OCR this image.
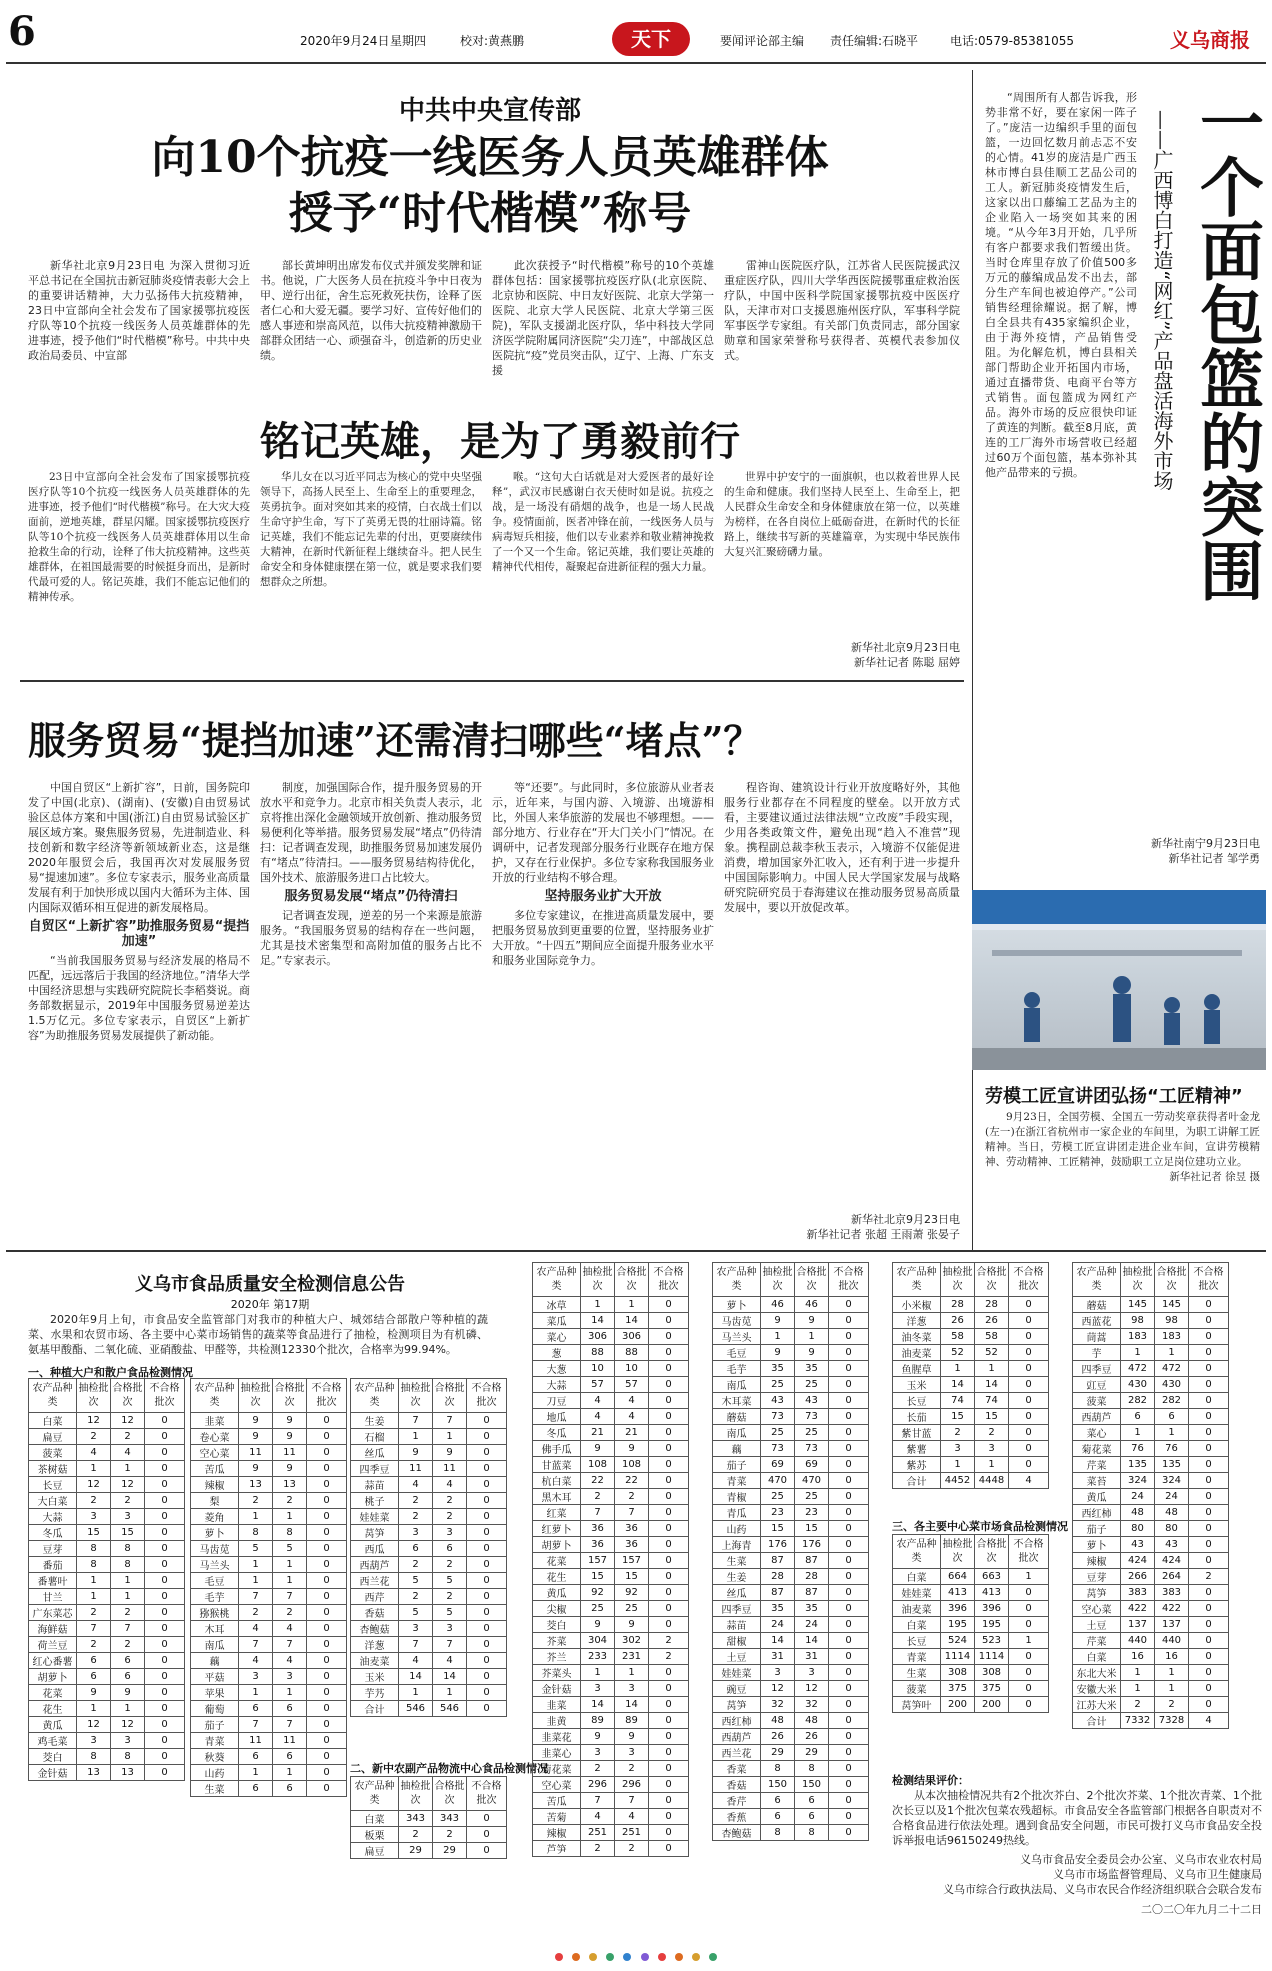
6	2020年9月24日 星期四	校对:黄燕鹏	天下	要闻评论部主编 责任编辑:石晓平	电话:0579-85381055	义乌商报
中共中央宣传部
向10个抗疫一线医务人员英雄群体
授予“时代楷模”称号

新华社北京9月23日电 为深入贯彻习近平总书记在全国抗击新冠肺炎疫情表彰大会上的重要讲话精神，大力弘扬伟大抗疫精神，23日中宣部向全社会发布了国家援鄂抗疫医疗队等10个抗疫一线医务人员英雄群体的先进事迹，授予他们“时代楷模”称号。中共中央政治局委员、中宣部

部长黄坤明出席发布仪式并颁发奖牌和证书。他说，广大医务人员在抗疫斗争中日夜为甲、逆行出征，舍生忘死救死扶伤，诠释了医者仁心和大爱无疆。要学习好、宣传好他们的感人事迹和崇高风范，以伟大抗疫精神激励干部群众团结一心、顽强奋斗，创造新的历史业绩。

此次获授予“时代楷模”称号的10个英雄群体包括：国家援鄂抗疫医疗队(北京医院、北京协和医院、中日友好医院、北京大学第一医院、北京大学人民医院、北京大学第三医院)，军队支援湖北医疗队，华中科技大学同济医学院附属同济医院“尖刀连”，中部战区总医院抗“疫”党员突击队，辽宁、上海、广东支援

雷神山医院医疗队，江苏省人民医院援武汉重症医疗队，四川大学华西医院援鄂重症救治医疗队，中国中医科学院国家援鄂抗疫中医医疗队，天津市对口支援恩施州医疗队，军事科学院军事医学专家组。有关部门负责同志，部分国家勋章和国家荣誉称号获得者、英模代表参加仪式。

铭记英雄，是为了勇毅前行

23日中宣部向全社会发布了国家援鄂抗疫医疗队等10个抗疫一线医务人员英雄群体的先进事迹，授予他们“时代楷模”称号。在大灾大疫面前，逆地英雄，群星闪耀。国家援鄂抗疫医疗队等10个抗疫一线医务人员英雄群体用以生命抢救生命的行动，诠释了伟大抗疫精神。这些英雄群体，在祖国最需要的时候挺身而出，是新时代最可爱的人。铭记英雄，我们不能忘记他们的精神传承。

华儿女在以习近平同志为核心的党中央坚强领导下，高扬人民至上、生命至上的重要理念，英勇抗争。面对突如其来的疫情，白衣战士们以生命守护生命，写下了英勇无畏的壮丽诗篇。铭记英雄，我们不能忘记先辈的付出，更要赓续伟大精神，在新时代新征程上继续奋斗。把人民生命安全和身体健康摆在第一位，就是要求我们要想群众之所想。

喉。“这句大白话就是对大爱医者的最好诠释”，武汉市民感谢白衣天使时如是说。抗疫之战，是一场没有硝烟的战争，也是一场人民战争。疫情面前，医者冲锋在前，一线医务人员与病毒短兵相接，他们以专业素养和敬业精神挽救了一个又一个生命。铭记英雄，我们要让英雄的精神代代相传，凝聚起奋进新征程的强大力量。

世界中护安宁的一面旗帜，也以救着世界人民的生命和健康。我们坚持人民至上、生命至上，把人民群众生命安全和身体健康放在第一位，以英雄为榜样，在各自岗位上砥砺奋进，在新时代的长征路上，继续书写新的英雄篇章，为实现中华民族伟大复兴汇聚磅礴力量。

新华社北京9月23日电
新华社记者 陈聪 屈婷
服务贸易“提挡加速”还需清扫哪些“堵点”？

中国自贸区“上新扩容”，日前，国务院印发了中国(北京)、(湖南)、(安徽)自由贸易试验区总体方案和中国(浙江)自由贸易试验区扩展区域方案。聚焦服务贸易，先进制造业、科技创新和数字经济等新领域新业态，这是继2020年服贸会后，我国再次对发展服务贸易“提速加速”。多位专家表示，服务业高质量发展有利于加快形成以国内大循环为主体、国内国际双循环相互促进的新发展格局。

自贸区“上新扩容”助推服务贸易“提挡加速”

“当前我国服务贸易与经济发展的格局不匹配，远远落后于我国的经济地位。”清华大学中国经济思想与实践研究院院长李稻葵说。商务部数据显示，2019年中国服务贸易逆差达1.5万亿元。多位专家表示，自贸区“上新扩容”为助推服务贸易发展提供了新动能。

制度，加强国际合作，提升服务贸易的开放水平和竞争力。北京市相关负责人表示，北京将推出深化金融领域开放创新、推动服务贸易便利化等举措。服务贸易发展“堵点”仍待清扫：记者调查发现，助推服务贸易加速发展仍有“堵点”待清扫。——服务贸易结构待优化，国外技术、旅游服务进口占比较大。

服务贸易发展“堵点”仍待清扫

记者调查发现，逆差的另一个来源是旅游服务。“我国服务贸易的结构存在一些问题，尤其是技术密集型和高附加值的服务占比不足。”专家表示。

等“还要”。与此同时，多位旅游从业者表示，近年来，与国内游、入境游、出境游相比，外国人来华旅游的发展也不够理想。——部分地方、行业存在“开大门关小门”情况。在调研中，记者发现部分服务行业既存在地方保护，又存在行业保护。多位专家称我国服务业开放的行业结构不够合理。

坚持服务业扩大开放

多位专家建议，在推进高质量发展中，要把服务贸易放到更重要的位置，坚持服务业扩大开放。“十四五”期间应全面提升服务业水平和服务业国际竞争力。

程咨询、建筑设计行业开放度略好外，其他服务行业都存在不同程度的壁垒。以开放方式看，主要建议通过法律法规“立改废”手段实现，少用各类政策文件，避免出现“趋入不准营”现象。携程副总裁李秋玉表示，入境游不仅能促进消费，增加国家外汇收入，还有利于进一步提升中国国际影响力。中国人民大学国家发展与战略研究院研究员于春海建议在推动服务贸易高质量发展中，要以开放促改革。

新华社北京9月23日电
新华社记者 张超 王雨萧 张晏子
一个面包篮的突围
——广西博白打造“网红”产品盘活海外市场

“周围所有人都告诉我，形势非常不好，要在家闲一阵子了。”庞洁一边编织手里的面包篮，一边回忆数月前忐忑不安的心情。41岁的庞洁是广西玉林市博白县佳顺工艺品公司的工人。新冠肺炎疫情发生后，这家以出口藤编工艺品为主的企业陷入一场突如其来的困境。“从今年3月开始，几乎所有客户都要求我们暂缓出货。当时仓库里存放了价值500多万元的藤编成品发不出去，部分生产车间也被迫停产。”公司销售经理徐耀说。据了解，博白全县共有435家编织企业，由于海外疫情，产品销售受阻。为化解危机，博白县相关部门帮助企业开拓国内市场，通过直播带货、电商平台等方式销售。面包篮成为网红产品。海外市场的反应很快印证了黄连的判断。截至8月底，黄连的工厂海外市场营收已经超过60万个面包篮，基本弥补其他产品带来的亏损。

新华社南宁9月23日电
新华社记者 邹学勇
劳模工匠宣讲团弘扬“工匠精神”

9月23日，全国劳模、全国五一劳动奖章获得者叶金龙(左一)在浙江省杭州市一家企业的车间里，为职工讲解工匠精神。当日，劳模工匠宣讲团走进企业车间，宣讲劳模精神、劳动精神、工匠精神，鼓励职工立足岗位建功立业。

新华社记者 徐昱 摄
义乌市食品质量安全检测信息公告
2020年 第17期

2020年9月上旬，市食品安全监管部门对我市的种植大户、城郊结合部散户等种植的蔬菜、水果和农贸市场、各主要中心菜市场销售的蔬菜等食品进行了抽检，检测项目为有机磷、氨基甲酸酯、二氧化硫、亚硝酸盐、甲醛等，共检测12330个批次，合格率为99.94%。

一、种植大户和散户食品检测情况
农产品种类	抽检批次	合格批次	不合格批次
白菜	12	12	0
扁豆	2	2	0
菠菜	4	4	0
茶树菇	1	1	0
长豆	12	12	0
大白菜	2	2	0
大蒜	3	3	0
冬瓜	15	15	0
豆芽	8	8	0
番茄	8	8	0
番薯叶	1	1	0
甘兰	1	1	0
广东菜芯	2	2	0
海鲜菇	7	7	0
荷兰豆	2	2	0
红心番薯	6	6	0
胡萝卜	6	6	0
花菜	9	9	0
花生	1	1	0
黄瓜	12	12	0
鸡毛菜	3	3	0
茭白	8	8	0
金针菇	13	13	0
农产品种类	抽检批次	合格批次	不合格批次
韭菜	9	9	0
卷心菜	9	9	0
空心菜	11	11	0
苦瓜	9	9	0
辣椒	13	13	0
梨	2	2	0
菱角	1	1	0
萝卜	8	8	0
马齿苋	5	5	0
马兰头	1	1	0
毛豆	1	1	0
毛芋	7	7	0
猕猴桃	2	2	0
木耳	4	4	0
南瓜	7	7	0
藕	4	4	0
平菇	3	3	0
苹果	1	1	0
葡萄	6	6	0
茄子	7	7	0
青菜	11	11	0
秋葵	6	6	0
山药	1	1	0
生菜	6	6	0
农产品种类	抽检批次	合格批次	不合格批次
生姜	7	7	0
石榴	1	1	0
丝瓜	9	9	0
四季豆	11	11	0
蒜苗	4	4	0
桃子	2	2	0
娃娃菜	2	2	0
莴笋	3	3	0
西瓜	6	6	0
西葫芦	2	2	0
西兰花	5	5	0
西芹	2	2	0
香菇	5	5	0
杏鲍菇	3	3	0
洋葱	7	7	0
油麦菜	4	4	0
玉米	14	14	0
芋艿	1	1	0
合计	546	546	0
二、新中农副产品物流中心食品检测情况
农产品种类	抽检批次	合格批次	不合格批次
白菜	343	343	0
板栗	2	2	0
扁豆	29	29	0
农产品种类	抽检批次	合格批次	不合格批次
冰草	1	1	0
菜瓜	14	14	0
菜心	306	306	0
葱	88	88	0
大葱	10	10	0
大蒜	57	57	0
刀豆	4	4	0
地瓜	4	4	0
冬瓜	21	21	0
佛手瓜	9	9	0
甘蓝菜	108	108	0
杭白菜	22	22	0
黑木耳	2	2	0
红菜	7	7	0
红萝卜	36	36	0
胡萝卜	36	36	0
花菜	157	157	0
花生	15	15	0
黄瓜	92	92	0
尖椒	25	25	0
茭白	9	9	0
芥菜	304	302	2
芥兰	233	231	2
芥菜头	1	1	0
金针菇	3	3	0
韭菜	14	14	0
韭黄	89	89	0
韭菜花	9	9	0
韭菜心	3	3	0
菊花菜	2	2	0
空心菜	296	296	0
苦瓜	7	7	0
苦菊	4	4	0
辣椒	251	251	0
芦笋	2	2	0
农产品种类	抽检批次	合格批次	不合格批次
萝卜	46	46	0
马齿苋	9	9	0
马兰头	1	1	0
毛豆	9	9	0
毛芋	35	35	0
南瓜	25	25	0
木耳菜	43	43	0
蘑菇	73	73	0
南瓜	25	25	0
藕	73	73	0
茄子	69	69	0
青菜	470	470	0
青椒	25	25	0
青瓜	23	23	0
山药	15	15	0
上海青	176	176	0
生菜	87	87	0
生姜	28	28	0
丝瓜	87	87	0
四季豆	35	35	0
蒜苗	24	24	0
甜椒	14	14	0
土豆	31	31	0
娃娃菜	3	3	0
豌豆	12	12	0
莴笋	32	32	0
西红柿	48	48	0
西葫芦	26	26	0
西兰花	29	29	0
香菜	8	8	0
香菇	150	150	0
香芹	6	6	0
香蕉	6	6	0
杏鲍菇	8	8	0
农产品种类	抽检批次	合格批次	不合格批次
小米椒	28	28	0
洋葱	26	26	0
油冬菜	58	58	0
油麦菜	52	52	0
鱼腥草	1	1	0
玉米	14	14	0
长豆	74	74	0
长茄	15	15	0
紫甘蓝	2	2	0
紫薯	3	3	0
紫苏	1	1	0
合计	4452	4448	4
三、各主要中心菜市场食品检测情况
农产品种类	抽检批次	合格批次	不合格批次
白菜	664	663	1
娃娃菜	413	413	0
油麦菜	396	396	0
白菜	195	195	0
长豆	524	523	1
青菜	1114	1114	0
生菜	308	308	0
菠菜	375	375	0
莴笋叶	200	200	0
农产品种类	抽检批次	合格批次	不合格批次
蘑菇	145	145	0
西蓝花	98	98	0
茼蒿	183	183	0
芋	1	1	0
四季豆	472	472	0
豇豆	430	430	0
菠菜	282	282	0
西葫芦	6	6	0
菜心	1	1	0
菊花菜	76	76	0
芹菜	135	135	0
菜苔	324	324	0
黄瓜	24	24	0
西红柿	48	48	0
茄子	80	80	0
萝卜	43	43	0
辣椒	424	424	0
豆芽	266	264	2
莴笋	383	383	0
空心菜	422	422	0
土豆	137	137	0
芹菜	440	440	0
白菜	16	16	0
东北大米	1	1	0
安徽大米	1	1	0
江苏大米	2	2	0
合计	7332	7328	4
检测结果评价：

从本次抽检情况共有2个批次芥白、2个批次芥菜、1个批次青菜、1个批次长豆以及1个批次包菜农残超标。市食品安全各监管部门根据各自职责对不合格食品进行依法处理。遇到食品安全问题，市民可拨打义乌市食品安全投诉举报电话96150249热线。

义乌市食品安全委员会办公室、义乌市农业农村局
义乌市市场监督管理局、义乌市卫生健康局
义乌市综合行政执法局、义乌市农民合作经济组织联合会联合发布
二〇二〇年九月二十二日
